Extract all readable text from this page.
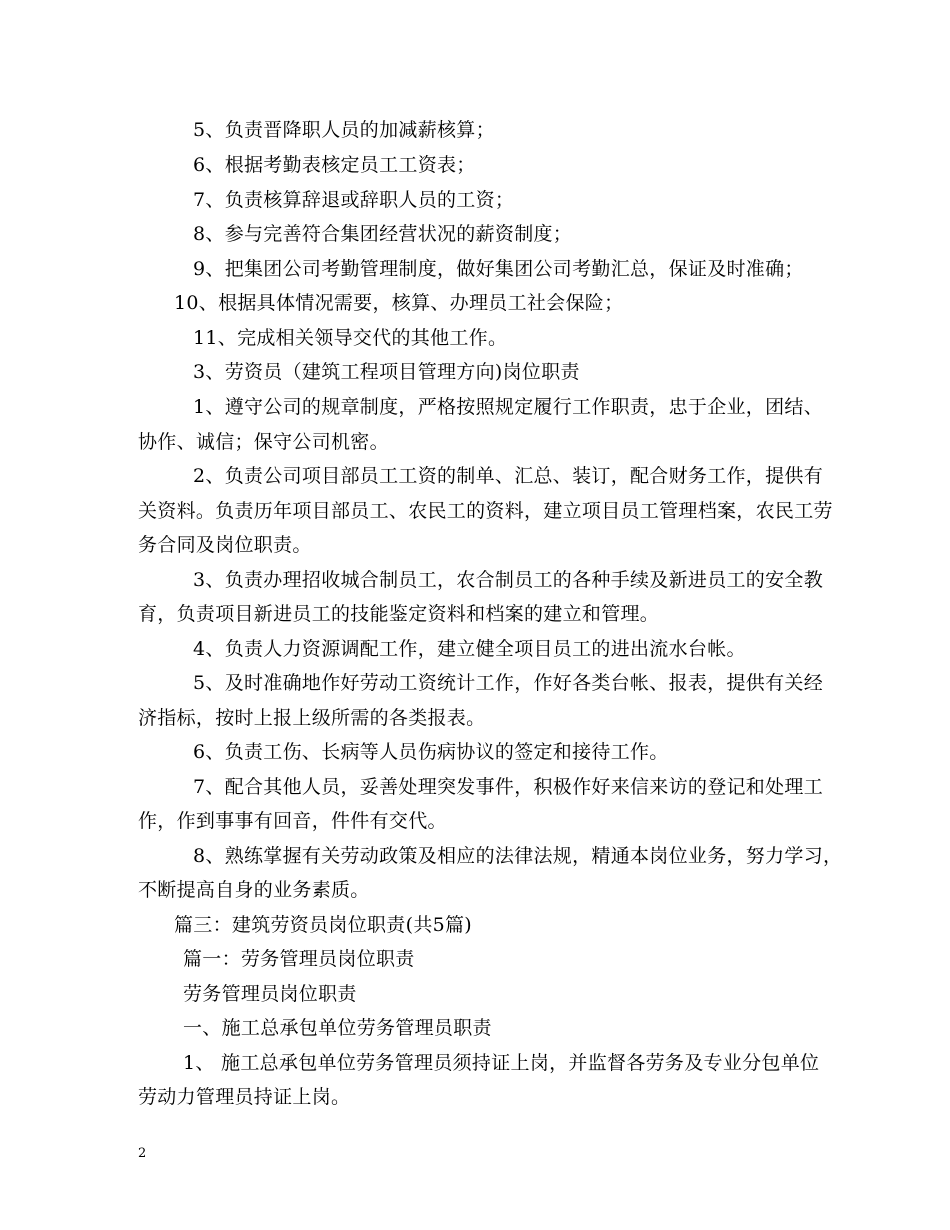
5、负责晋降职人员的加减薪核算；
6、根据考勤表核定员工工资表；
7、负责核算辞退或辞职人员的工资；
8、参与完善符合集团经营状况的薪资制度；
9、把集团公司考勤管理制度，做好集团公司考勤汇总，保证及时准确；
10、根据具体情况需要，核算、办理员工社会保险；
11、完成相关领导交代的其他工作。
3、劳资员（建筑工程项目管理方向)岗位职责
1、遵守公司的规章制度，严格按照规定履行工作职责，忠于企业，团结、
协作、诚信；保守公司机密。
2、负责公司项目部员工工资的制单、汇总、装订，配合财务工作，提供有
关资料。负责历年项目部员工、农民工的资料，建立项目员工管理档案，农民工劳
务合同及岗位职责。
3、负责办理招收城合制员工，农合制员工的各种手续及新进员工的安全教
育，负责项目新进员工的技能鉴定资料和档案的建立和管理。
4、负责人力资源调配工作，建立健全项目员工的进出流水台帐。
5、及时准确地作好劳动工资统计工作，作好各类台帐、报表，提供有关经
济指标，按时上报上级所需的各类报表。
6、负责工伤、长病等人员伤病协议的签定和接待工作。
7、配合其他人员，妥善处理突发事件，积极作好来信来访的登记和处理工
作，作到事事有回音，件件有交代。
8、熟练掌握有关劳动政策及相应的法律法规，精通本岗位业务，努力学习，
不断提高自身的业务素质。
篇三：建筑劳资员岗位职责(共5篇)
篇一：劳务管理员岗位职责
劳务管理员岗位职责
一、施工总承包单位劳务管理员职责
1、 施工总承包单位劳务管理员须持证上岗，并监督各劳务及专业分包单位
劳动力管理员持证上岗。
2
